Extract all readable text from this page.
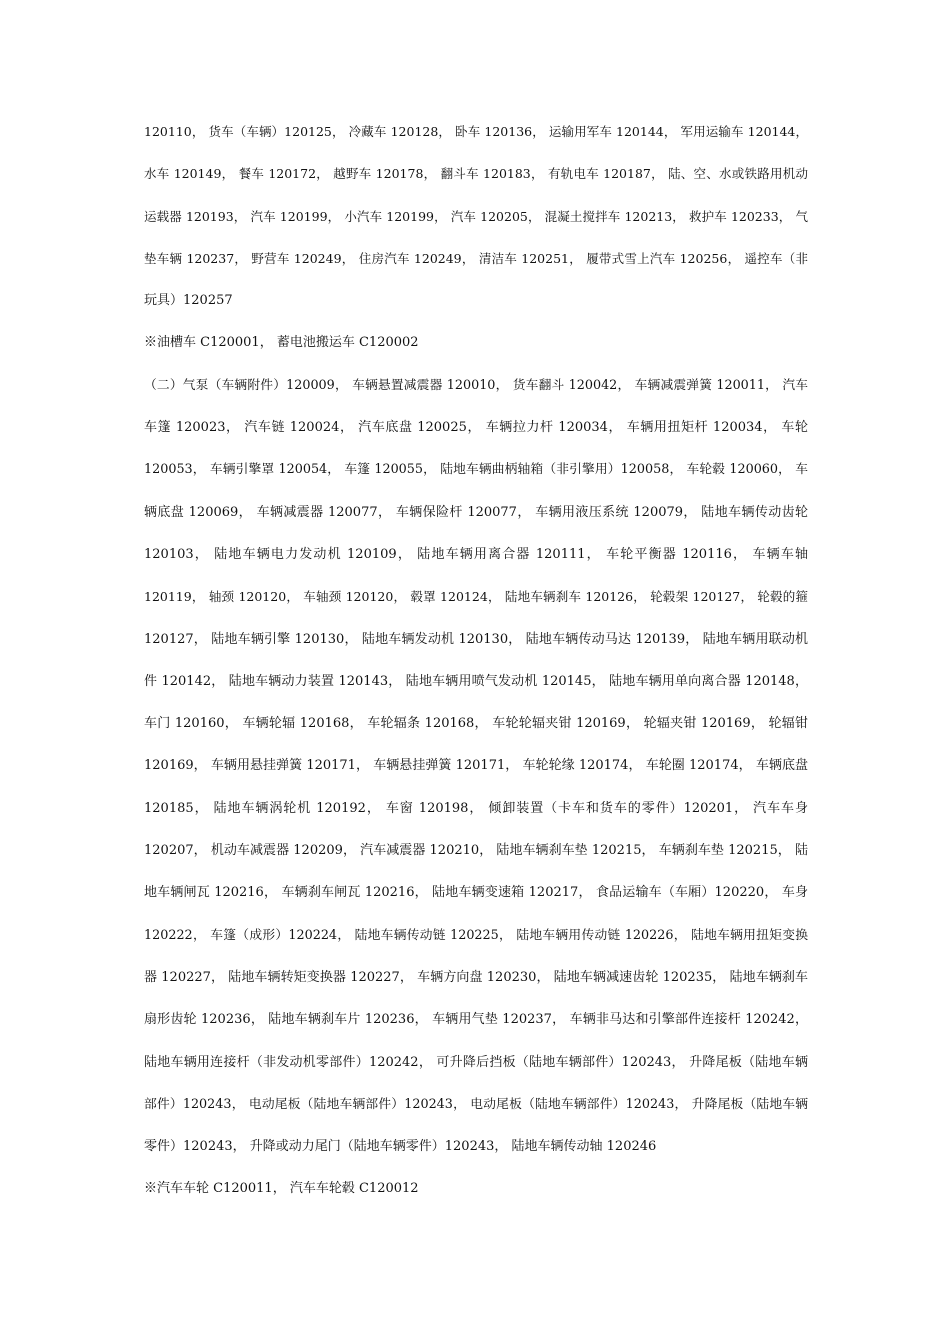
120110， 货车（车辆）120125， 冷藏车 120128， 卧车 120136， 运输用军车 120144， 军用运输车 120144，
水车 120149， 餐车 120172， 越野车 120178， 翻斗车 120183， 有轨电车 120187， 陆、空、水或铁路用机动
运载器 120193， 汽车 120199， 小汽车 120199， 汽车 120205， 混凝土搅拌车 120213， 救护车 120233， 气
垫车辆 120237， 野营车 120249， 住房汽车 120249， 清洁车 120251， 履带式雪上汽车 120256， 遥控车（非
玩具）120257
※油槽车 C120001， 蓄电池搬运车 C120002
（二）气泵（车辆附件）120009， 车辆悬置减震器 120010， 货车翻斗 120042， 车辆减震弹簧 120011， 汽车
车篷 120023， 汽车链 120024， 汽车底盘 120025， 车辆拉力杆 120034， 车辆用扭矩杆 120034， 车轮
120053， 车辆引擎罩 120054， 车篷 120055， 陆地车辆曲柄轴箱（非引擎用）120058， 车轮毂 120060， 车
辆底盘 120069， 车辆减震器 120077， 车辆保险杆 120077， 车辆用液压系统 120079， 陆地车辆传动齿轮
120103， 陆地车辆电力发动机 120109， 陆地车辆用离合器 120111， 车轮平衡器 120116， 车辆车轴
120119， 轴颈 120120， 车轴颈 120120， 毂罩 120124， 陆地车辆刹车 120126， 轮毂架 120127， 轮毂的箍
120127， 陆地车辆引擎 120130， 陆地车辆发动机 120130， 陆地车辆传动马达 120139， 陆地车辆用联动机
件 120142， 陆地车辆动力装置 120143， 陆地车辆用喷气发动机 120145， 陆地车辆用单向离合器 120148，
车门 120160， 车辆轮辐 120168， 车轮辐条 120168， 车轮轮辐夹钳 120169， 轮辐夹钳 120169， 轮辐钳
120169， 车辆用悬挂弹簧 120171， 车辆悬挂弹簧 120171， 车轮轮缘 120174， 车轮圈 120174， 车辆底盘
120185， 陆地车辆涡轮机 120192， 车窗 120198， 倾卸装置（卡车和货车的零件）120201， 汽车车身
120207， 机动车减震器 120209， 汽车减震器 120210， 陆地车辆刹车垫 120215， 车辆刹车垫 120215， 陆
地车辆闸瓦 120216， 车辆刹车闸瓦 120216， 陆地车辆变速箱 120217， 食品运输车（车厢）120220， 车身
120222， 车篷（成形）120224， 陆地车辆传动链 120225， 陆地车辆用传动链 120226， 陆地车辆用扭矩变换
器 120227， 陆地车辆转矩变换器 120227， 车辆方向盘 120230， 陆地车辆减速齿轮 120235， 陆地车辆刹车
扇形齿轮 120236， 陆地车辆刹车片 120236， 车辆用气垫 120237， 车辆非马达和引擎部件连接杆 120242，
陆地车辆用连接杆（非发动机零部件）120242， 可升降后挡板（陆地车辆部件）120243， 升降尾板（陆地车辆
部件）120243， 电动尾板（陆地车辆部件）120243， 电动尾板（陆地车辆部件）120243， 升降尾板（陆地车辆
零件）120243， 升降或动力尾门（陆地车辆零件）120243， 陆地车辆传动轴 120246
※汽车车轮 C120011， 汽车车轮毂 C120012
